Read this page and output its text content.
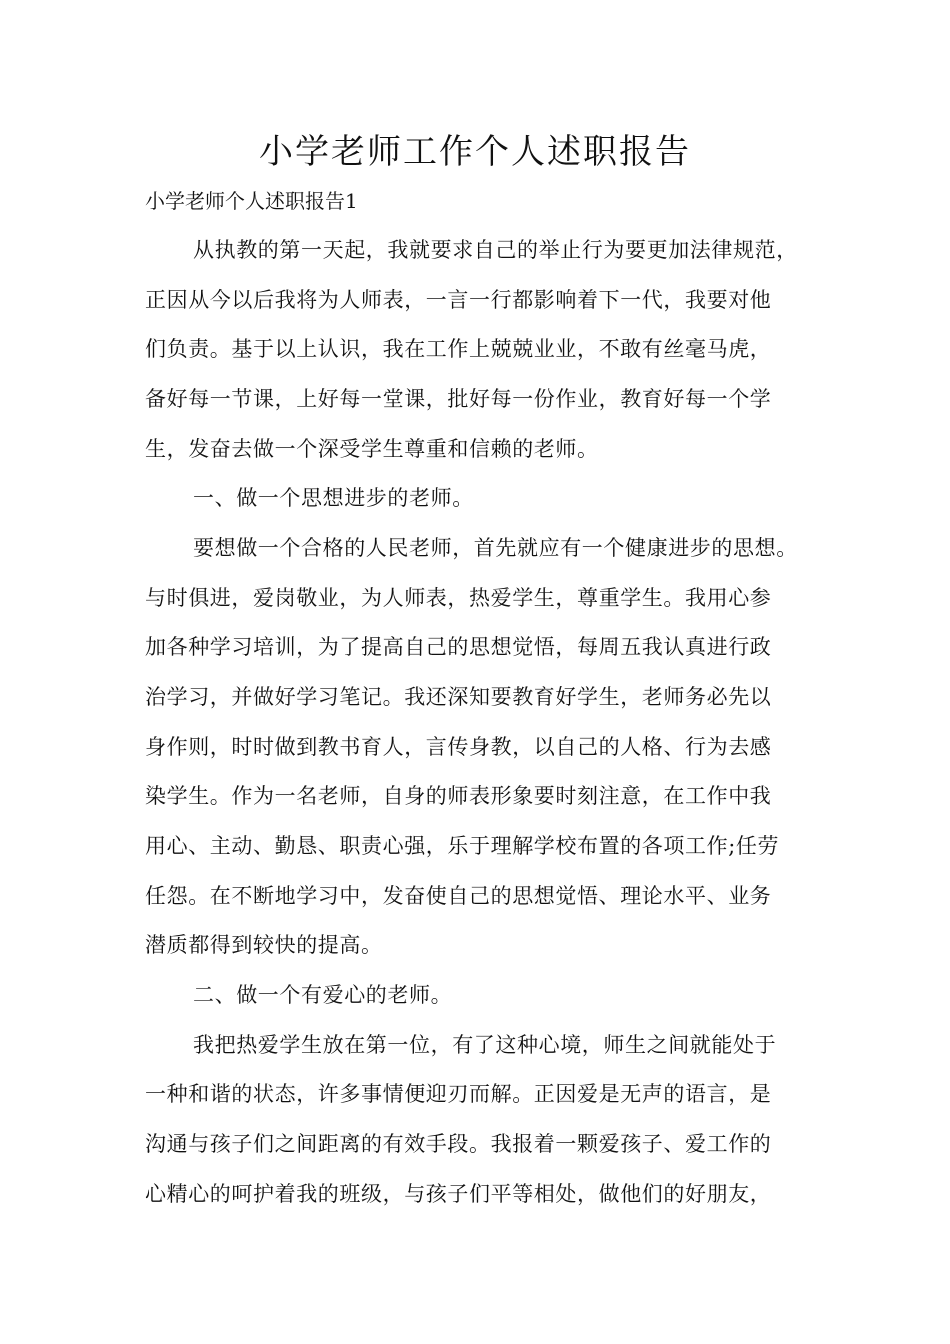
小学老师工作个人述职报告
小学老师个人述职报告1
从执教的第一天起，我就要求自己的举止行为要更加法律规范，
正因从今以后我将为人师表，一言一行都影响着下一代，我要对他
们负责。基于以上认识，我在工作上兢兢业业，不敢有丝毫马虎，
备好每一节课，上好每一堂课，批好每一份作业，教育好每一个学
生，发奋去做一个深受学生尊重和信赖的老师。
一、做一个思想进步的老师。
要想做一个合格的人民老师，首先就应有一个健康进步的思想。
与时俱进，爱岗敬业，为人师表，热爱学生，尊重学生。我用心参
加各种学习培训，为了提高自己的思想觉悟，每周五我认真进行政
治学习，并做好学习笔记。我还深知要教育好学生，老师务必先以
身作则，时时做到教书育人，言传身教，以自己的人格、行为去感
染学生。作为一名老师，自身的师表形象要时刻注意，在工作中我
用心、主动、勤恳、职责心强，乐于理解学校布置的各项工作;任劳
任怨。在不断地学习中，发奋使自己的思想觉悟、理论水平、业务
潜质都得到较快的提高。
二、做一个有爱心的老师。
我把热爱学生放在第一位，有了这种心境，师生之间就能处于
一种和谐的状态，许多事情便迎刃而解。正因爱是无声的语言，是
沟通与孩子们之间距离的有效手段。我报着一颗爱孩子、爱工作的
心精心的呵护着我的班级，与孩子们平等相处，做他们的好朋友，
